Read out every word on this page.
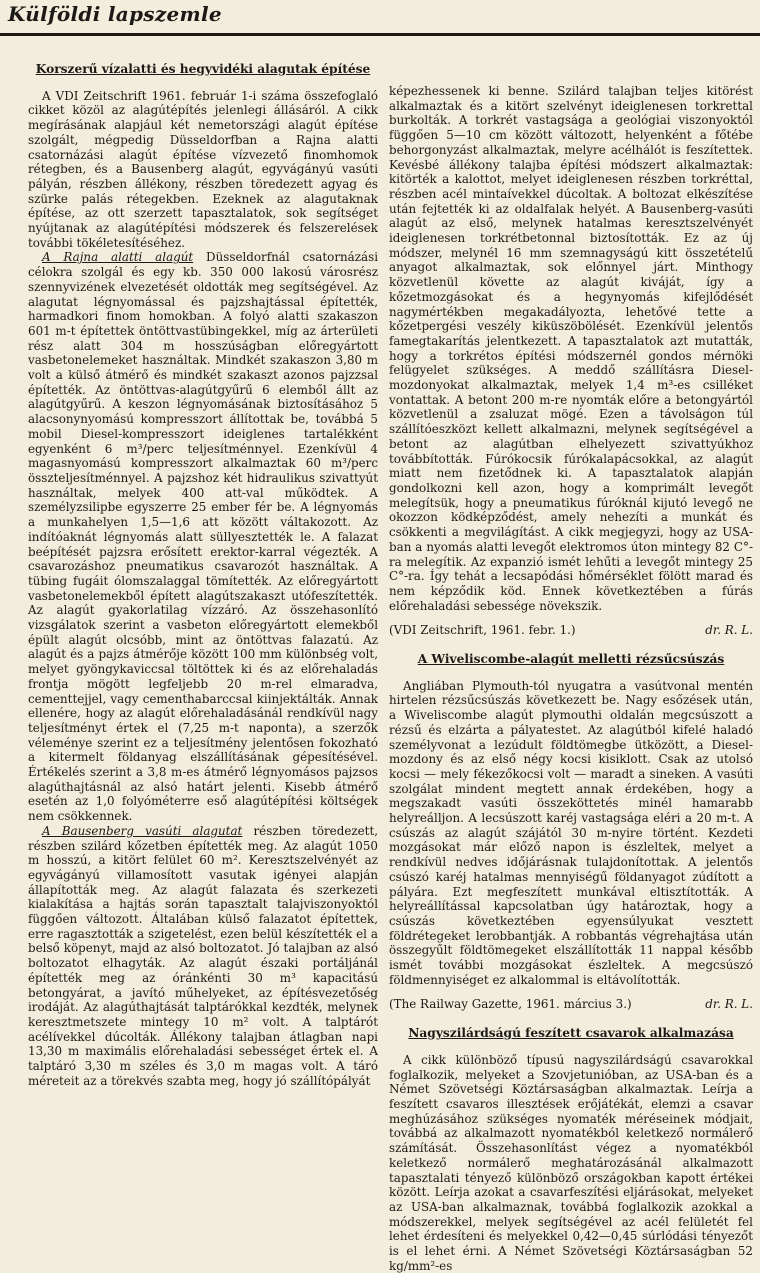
Külföldi lapszemle
Korszerű vízalatti és hegyvidéki alagutak építése

A VDI Zeitschrift 1961. február 1-i száma összefoglaló cikket közöl az alagútépítés jelenlegi állásáról. A cikk megírásának alapjául két nemetországi alagút építése szolgált, mégpedig Düsseldorfban a Rajna alatti csatornázási alagút építése vízvezető finomhomok rétegben, és a Bausenberg alagút, egyvágányú vasúti pályán, részben állékony, részben töredezett agyag és szürke palás rétegekben. Ezeknek az alagutaknak építése, az ott szerzett tapasztalatok, sok segítséget nyújtanak az alagútépítési módszerek és felszerelések további tökéletesítéséhez.

A Rajna alatti alagút Düsseldorfnál csatornázási célokra szolgál és egy kb. 350 000 lakosú városrész szennyvizének elvezetését oldották meg segítségével. Az alagutat légnyomással és pajzshajtással építették, harmadkori finom homokban. A folyó alatti szakaszon 601 m-t építettek öntöttvastübingekkel, míg az árterületi rész alatt 304 m hosszúságban előregyártott vasbetonelemeket használtak. Mindkét szakaszon 3,80 m volt a külső átmérő és mindkét szakaszt azonos pajzzsal építették. Az öntöttvas-alagútgyűrű 6 elemből állt az alagútgyűrű. A keszon légnyomásának biztosításához 5 alacsonynyomású kompresszort állítottak be, továbbá 5 mobil Diesel-kompresszort ideiglenes tartalékként egyenként 6 m³/perc teljesítménnyel. Ezenkívül 4 magasnyomású kompresszort alkalmaztak 60 m³/perc összteljesítménnyel. A pajzshoz két hidraulikus szivattyút használtak, melyek 400 att-val működtek. A személyzsilipbe egyszerre 25 ember fér be. A légnyomás a munkahelyen 1,5—1,6 att között váltakozott. Az indítóaknát légnyomás alatt süllyesztették le. A falazat beépítését pajzsra erősített erektor-karral végezték. A csavarozáshoz pneumatikus csavarozót használtak. A tübing fugáit ólomszalaggal tömítették. Az előregyártott vasbetonelemekből épített alagútszakaszt utófeszítették. Az alagút gyakorlatilag vízzáró. Az összehasonlító vizsgálatok szerint a vasbeton előregyártott elemekből épült alagút olcsóbb, mint az öntöttvas falazatú. Az alagút és a pajzs átmérője között 100 mm különbség volt, melyet gyöngykaviccsal töltöttek ki és az előrehaladás frontja mögött legfeljebb 20 m-rel elmaradva, cementtejjel, vagy cementhabarccsal kiinjektálták. Annak ellenére, hogy az alagút előrehaladásánál rendkívül nagy teljesítményt értek el (7,25 m-t naponta), a szerzők véleménye szerint ez a teljesítmény jelentősen fokozható a kitermelt földanyag elszállításának gépesítésével. Értékelés szerint a 3,8 m-es átmérő légnyomásos pajzsos alagúthajtásnál az alsó határt jelenti. Kisebb átmérő esetén az 1,0 folyóméterre eső alagútépítési költségek nem csökkennek.

A Bausenberg vasúti alagutat részben töredezett, részben szilárd kőzetben építették meg. Az alagút 1050 m hosszú, a kitört felület 60 m². Keresztszelvényét az egyvágányú villamosított vasutak igényei alapján állapították meg. Az alagút falazata és szerkezeti kialakítása a hajtás során tapasztalt talajviszonyoktól függően változott. Általában külső falazatot építettek, erre ragasztották a szigetelést, ezen belül készítették el a belső köpenyt, majd az alsó boltozatot. Jó talajban az alsó boltozatot elhagyták. Az alagút északi portáljánál építették meg az óránkénti 30 m³ kapacitású betongyárat, a javító műhelyeket, az építésvezetőség irodáját. Az alagúthajtását talptárókkal kezdték, melynek keresztmetszete mintegy 10 m² volt. A talptárót acélívekkel dúcolták. Állékony talajban átlagban napi 13,30 m maximális előrehaladási sebességet értek el. A talptáró 3,30 m széles és 3,0 m magas volt. A táró méreteit az a törekvés szabta meg, hogy jó szállítópályát

képezhessenek ki benne. Szilárd talajban teljes kitörést alkalmaztak és a kitört szelvényt ideiglenesen torkrettal burkolták. A torkrét vastagsága a geológiai viszonyoktól függően 5—10 cm között változott, helyenként a főtébe behorgonyzást alkalmaztak, melyre acélhálót is feszítettek. Kevésbé állékony talajba építési módszert alkalmaztak: kitörték a kalottot, melyet ideiglenesen részben torkréttal, részben acél mintaívekkel dúcoltak. A boltozat elkészítése után fejtették ki az oldalfalak helyét. A Bausenberg-vasúti alagút az első, melynek hatalmas keresztszelvényét ideiglenesen torkrétbetonnal biztosították. Ez az új módszer, melynél 16 mm szemnagyságú kitt összetételű anyagot alkalmaztak, sok előnnyel járt. Minthogy közvetlenül követte az alagút kiváját, így a kőzetmozgásokat és a hegynyomás kifejlődését nagymértékben megakadályozta, lehetővé tette a kőzetpergési veszély kiküszöbölését. Ezenkívül jelentős famegtakarítás jelentkezett. A tapasztalatok azt mutatták, hogy a torkrétos építési módszernél gondos mérnöki felügyelet szükséges. A meddő szállításra Diesel-mozdonyokat alkalmaztak, melyek 1,4 m³-es csilléket vontattak. A betont 200 m-re nyomták előre a betongyártól közvetlenül a zsaluzat mögé. Ezen a távolságon túl szállítóeszközt kellett alkalmazni, melynek segítségével a betont az alagútban elhelyezett szivattyúkhoz továbbították. Fúrókocsik fúrókalapácsokkal, az alagút miatt nem fizetődnek ki. A tapasztalatok alapján gondolkozni kell azon, hogy a komprimált levegőt melegítsük, hogy a pneumatikus fúróknál kijutó levegő ne okozzon ködképződést, amely nehezíti a munkát és csökkenti a megvilágítást. A cikk megjegyzi, hogy az USA-ban a nyomás alatti levegőt elektromos úton mintegy 82 C°-ra melegítik. Az expanzió ismét lehűti a levegőt mintegy 25 C°-ra. Így tehát a lecsapódási hőmérséklet fölött marad és nem képződik köd. Ennek következtében a fúrás előrehaladási sebessége növekszik.

(VDI Zeitschrift, 1961. febr. 1.)	dr. R. L.
A Wiveliscombe-alagút melletti rézsűcsúszás

Angliában Plymouth-tól nyugatra a vasútvonal mentén hirtelen rézsűcsúszás következett be. Nagy esőzések után, a Wiveliscombe alagút plymouthi oldalán megcsúszott a rézsű és elzárta a pályatestet. Az alagútból kifelé haladó személyvonat a lezúdult földtömegbe ütközött, a Diesel-mozdony és az első négy kocsi kisiklott. Csak az utolsó kocsi — mely fékezőkocsi volt — maradt a sineken. A vasúti szolgálat mindent megtett annak érdekében, hogy a megszakadt vasúti összeköttetés minél hamarabb helyreálljon. A lecsúszott karéj vastagsága eléri a 20 m-t. A csúszás az alagút szájától 30 m-nyire történt. Kezdeti mozgásokat már előző napon is észleltek, melyet a rendkívül nedves időjárásnak tulajdonítottak. A jelentős csúszó karéj hatalmas mennyiségű földanyagot zúdított a pályára. Ezt megfeszített munkával eltisztították. A helyreállítással kapcsolatban úgy határoztak, hogy a csúszás következtében egyensúlyukat vesztett földrétegeket lerobbantják. A robbantás végrehajtása után összegyűlt földtömegeket elszállították 11 nappal később ismét további mozgásokat észleltek. A megcsúszó földmennyiséget ez alkalommal is eltávolították.

(The Railway Gazette, 1961. március 3.)	dr. R. L.
Nagyszilárdságú feszített csavarok alkalmazása

A cikk különböző típusú nagyszilárdságú csavarokkal foglalkozik, melyeket a Szovjetunióban, az USA-ban és a Német Szövetségi Köztársaságban alkalmaztak. Leírja a feszített csavaros illesztések erőjátékát, elemzi a csavar meghúzásához szükséges nyomaték méréseinek módjait, továbbá az alkalmazott nyomatékból keletkező normálerő számítását. Összehasonlítást végez a nyomatékból keletkező normálerő meghatározásánál alkalmazott tapasztalati tényező különböző országokban kapott értékei között. Leírja azokat a csavarfeszítési eljárásokat, melyeket az USA-ban alkalmaznak, továbbá foglalkozik azokkal a módszerekkel, melyek segítségével az acél felületét fel lehet érdesíteni és melyekkel 0,42—0,45 súrlódási tényezőt is el lehet érni. A Német Szövetségi Köztársaságban 52 kg/mm²-es
